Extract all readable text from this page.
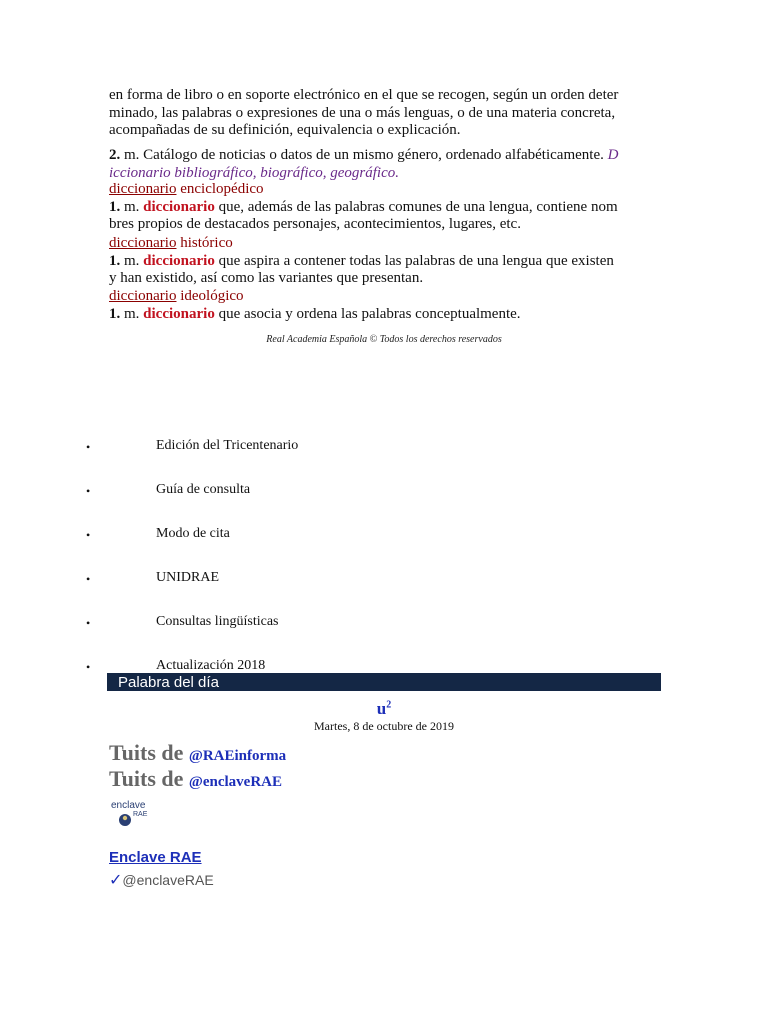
en forma de libro o en soporte electrónico en el que se recogen, según un orden deter

minado, las palabras o expresiones de una o más lenguas, o de una materia concreta,

acompañadas de su definición, equivalencia o explicación.

2. m. Catálogo de noticias o datos de un mismo género, ordenado alfabéticamente. D iccionario bibliográfico, biográfico, geográfico.

diccionario enciclopédico

1. m. diccionario que, además de las palabras comunes de una lengua, contiene nom

bres propios de destacados personajes, acontecimientos, lugares, etc.

diccionario histórico

1. m. diccionario que aspira a contener todas las palabras de una lengua que existen

y han existido, así como las variantes que presentan.

diccionario ideológico

1. m. diccionario que asocia y ordena las palabras conceptualmente.

Real Academia Española © Todos los derechos reservados
•	Edición del Tricentenario
•	Guía de consulta
•	Modo de cita
•	UNIDRAE
•	Consultas lingüísticas
•	Actualización 2018
Palabra del día
$u^2$
Martes, 8 de octubre de 2019
Tuits de @RAEinforma
Tuits de @enclaveRAE
enclave
RAE
Enclave RAE
✓@enclaveRAE
